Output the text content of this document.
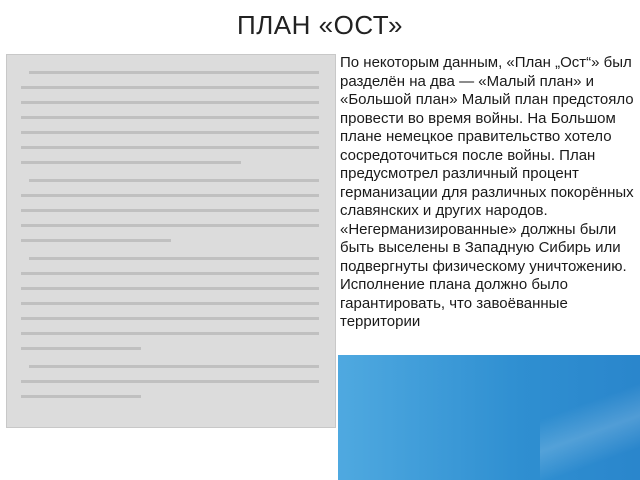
ПЛАН «ОСТ»
По некоторым данным, «План „Ост“» был разделён на два — «Малый план» и «Большой план» Малый план предстояло провести во время войны. На Большом плане немецкое правительство хотело сосредоточиться после войны. План предусмотрел различный процент германизации для различных покорённых славянских и других народов. «Негерманизированные» должны были быть выселены в Западную Сибирь или подвергнуты физическому уничтожению. Исполнение плана должно было гарантировать, что завоёванные территории
